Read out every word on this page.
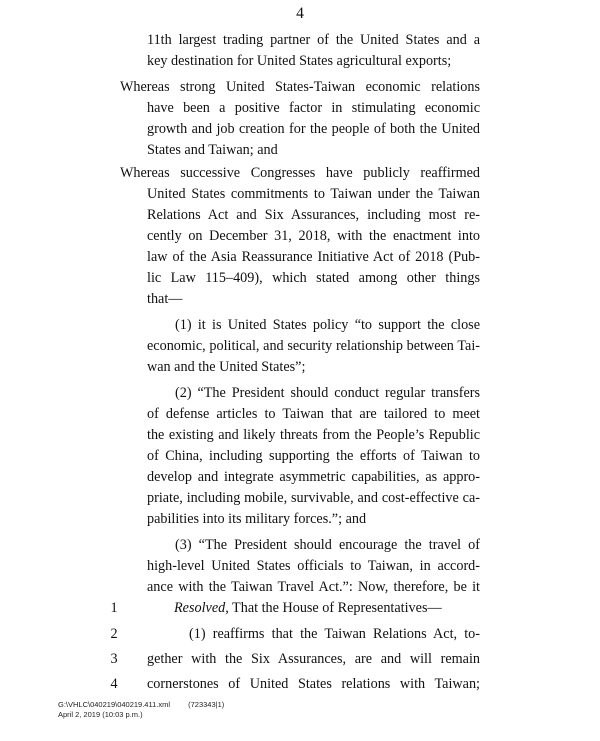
4
11th largest trading partner of the United States and a
key destination for United States agricultural exports;
Whereas strong United States-Taiwan economic relations
have been a positive factor in stimulating economic
growth and job creation for the people of both the United
States and Taiwan; and
Whereas successive Congresses have publicly reaffirmed
United States commitments to Taiwan under the Taiwan
Relations Act and Six Assurances, including most re-
cently on December 31, 2018, with the enactment into
law of the Asia Reassurance Initiative Act of 2018 (Pub-
lic Law 115–409), which stated among other things
that—
(1) it is United States policy “to support the close
economic, political, and security relationship between Tai-
wan and the United States”;
(2) “The President should conduct regular transfers
of defense articles to Taiwan that are tailored to meet
the existing and likely threats from the People’s Republic
of China, including supporting the efforts of Taiwan to
develop and integrate asymmetric capabilities, as appro-
priate, including mobile, survivable, and cost-effective ca-
pabilities into its military forces.”; and
(3) “The President should encourage the travel of
high-level United States officials to Taiwan, in accord-
ance with the Taiwan Travel Act.”: Now, therefore, be it
1	Resolved, That the House of Representatives—
2	(1) reaffirms that the Taiwan Relations Act, to-
3	gether with the Six Assurances, are and will remain
4	cornerstones of United States relations with Taiwan;
G:\VHLC\040219\040219.411.xml (723343|1)
April 2, 2019 (10:03 p.m.)
